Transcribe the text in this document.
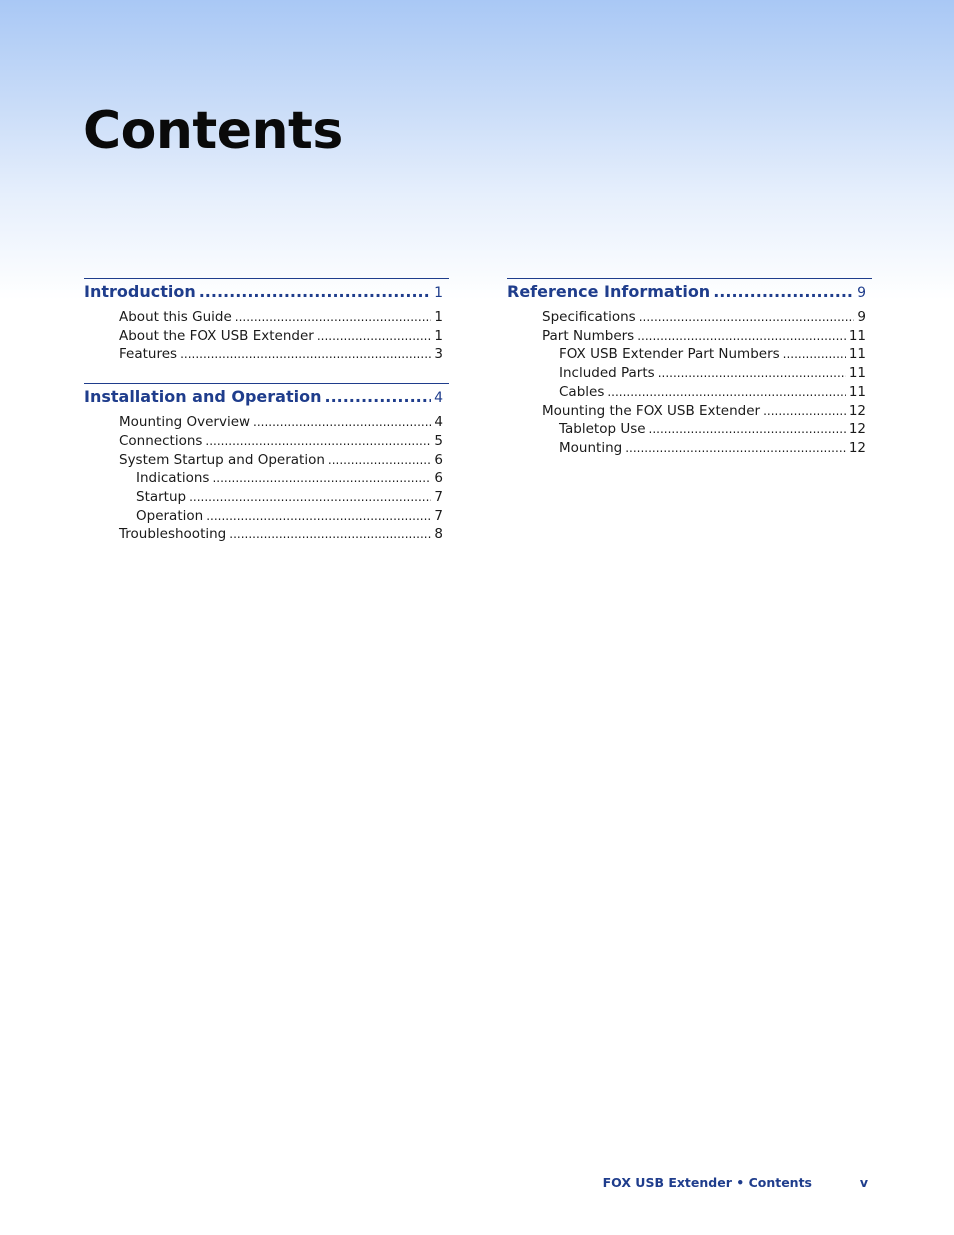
Contents
Introduction .....	1
About this Guide .....	1
About the FOX USB Extender .....	1
Features .....	3
Installation and Operation .....	4
Mounting Overview .....	4
Connections .....	5
System Startup and Operation .....	6
Indications .....	6
Startup .....	7
Operation .....	7
Troubleshooting .....	8
Reference Information .....	9
Specifications .....	9
Part Numbers .....	11
FOX USB Extender Part Numbers .....	11
Included Parts .....	11
Cables .....	11
Mounting the FOX USB Extender .....	12
Tabletop Use .....	12
Mounting .....	12
FOX USB Extender • Contents	v
